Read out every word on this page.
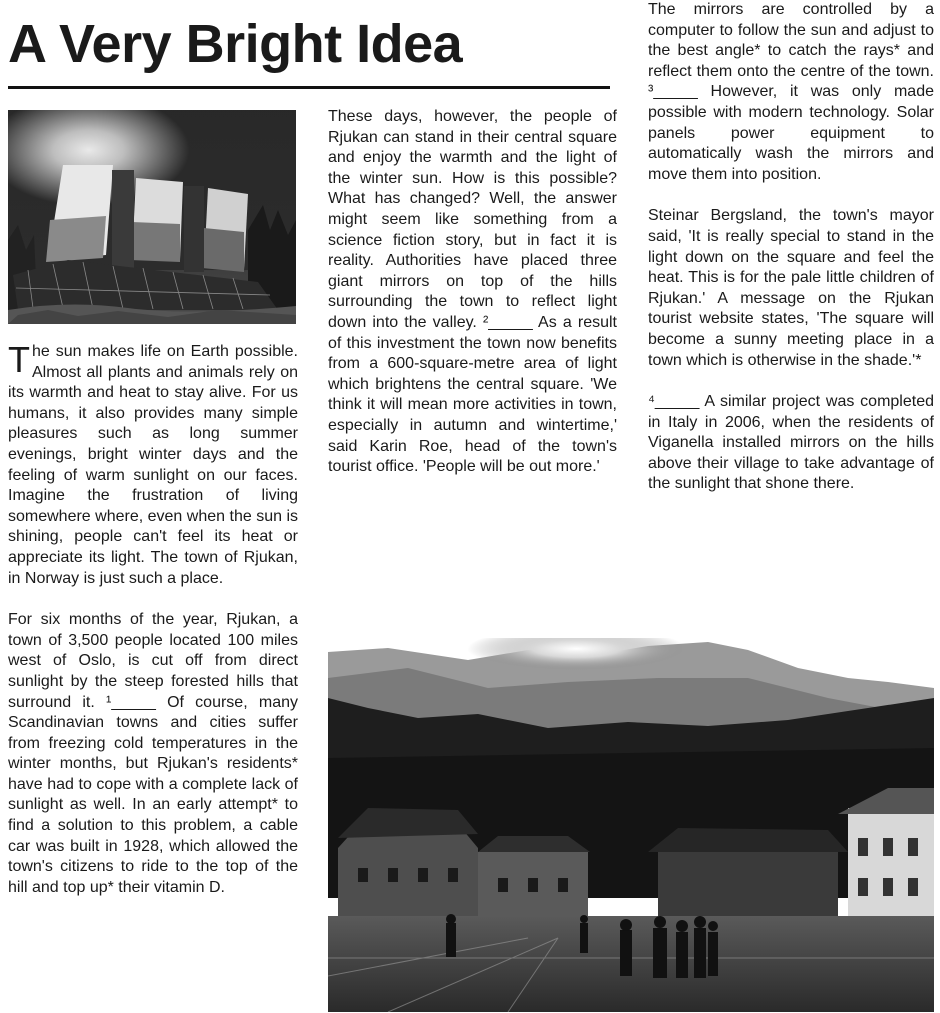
A Very Bright Idea

The sun makes life on Earth possible. Almost all plants and animals rely on its warmth and heat to stay alive. For us humans, it also provides many simple pleasures such as long summer evenings, bright winter days and the feeling of warm sunlight on our faces. Imagine the frustration of living somewhere where, even when the sun is shining, people can't feel its heat or appreciate its light. The town of Rjukan, in Norway is just such a place.

For six months of the year, Rjukan, a town of 3,500 people located 100 miles west of Oslo, is cut off from direct sunlight by the steep forested hills that surround it. ¹_____ Of course, many Scandinavian towns and cities suffer from freezing cold temperatures in the winter months, but Rjukan's residents* have had to cope with a complete lack of sunlight as well. In an early attempt* to find a solution to this problem, a cable car was built in 1928, which allowed the town's citizens to ride to the top of the hill and top up* their vitamin D.

These days, however, the people of Rjukan can stand in their central square and enjoy the warmth and the light of the winter sun. How is this possible? What has changed? Well, the answer might seem like something from a science fiction story, but in fact it is reality. Authorities have placed three giant mirrors on top of the hills surrounding the town to reflect light down into the valley. ²_____ As a result of this investment the town now benefits from a 600-square-metre area of light which brightens the central square. 'We think it will mean more activities in town, especially in autumn and wintertime,' said Karin Roe, head of the town's tourist office. 'People will be out more.'

The mirrors are controlled by a computer to follow the sun and adjust to the best angle* to catch the rays* and reflect them onto the centre of the town. ³_____ However, it was only made possible with modern technology. Solar panels power equipment to automatically wash the mirrors and move them into position.

Steinar Bergsland, the town's mayor said, 'It is really special to stand in the light down on the square and feel the heat. This is for the pale little children of Rjukan.' A message on the Rjukan tourist website states, 'The square will become a sunny meeting place in a town which is otherwise in the shade.'*

⁴_____ A similar project was completed in Italy in 2006, when the residents of Viganella installed mirrors on the hills above their village to take advantage of the sunlight that shone there.
